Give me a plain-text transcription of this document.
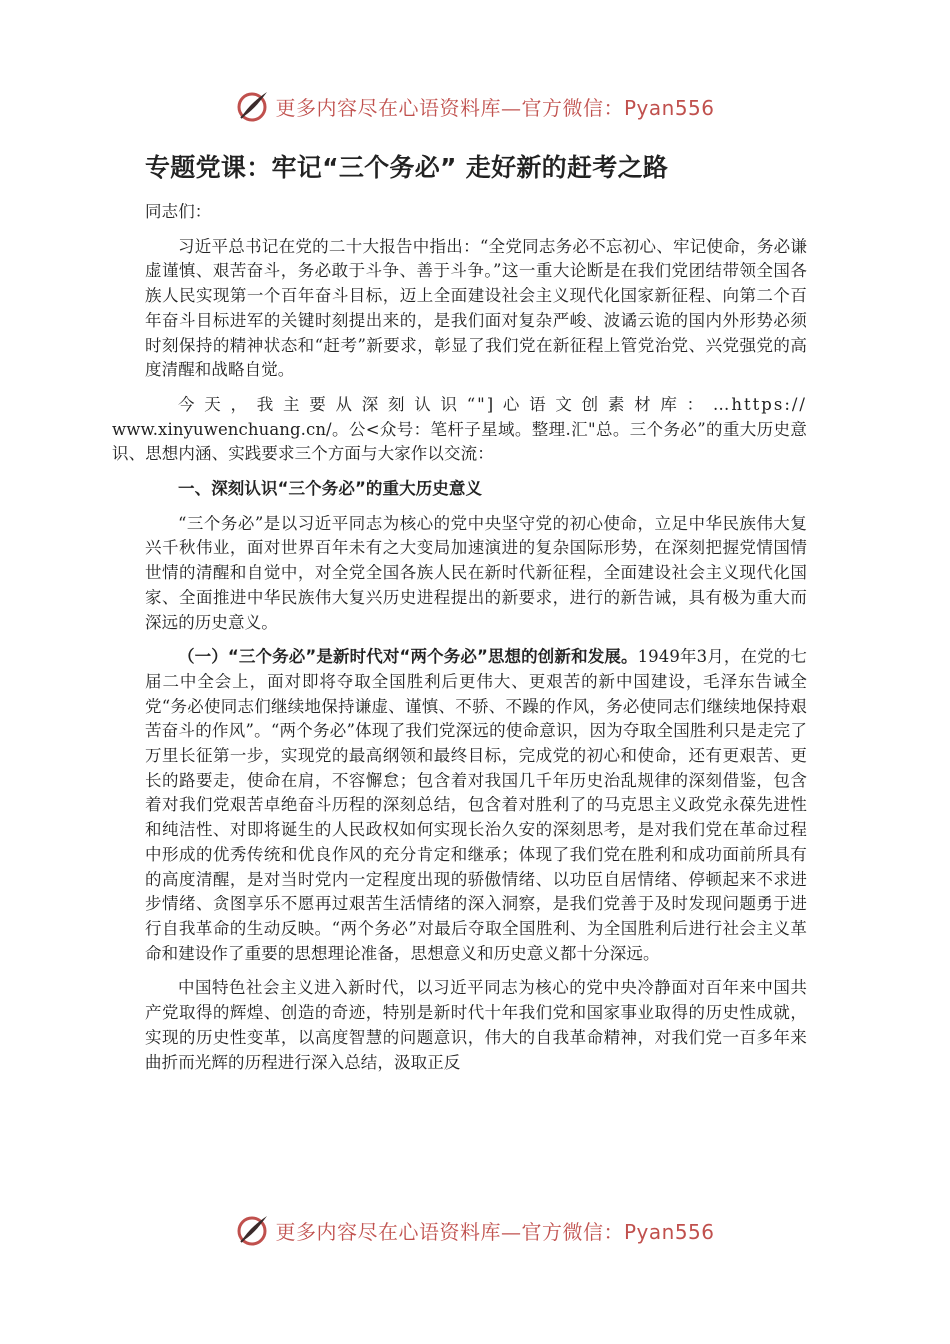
更多内容尽在心语资料库—官方微信：Pyan556
专题党课：牢记“三个务必” 走好新的赶考之路

同志们：

习近平总书记在党的二十大报告中指出：“全党同志务必不忘初心、牢记使命，务必谦虚谨慎、艰苦奋斗，务必敢于斗争、善于斗争。”这一重大论断是在我们党团结带领全国各族人民实现第一个百年奋斗目标，迈上全面建设社会主义现代化国家新征程、向第二个百年奋斗目标进军的关键时刻提出来的，是我们面对复杂严峻、波谲云诡的国内外形势必须时刻保持的精神状态和“赶考”新要求，彰显了我们党在新征程上管党治党、兴党强党的高度清醒和战略自觉。

今天，我主要从深刻认识“"]心语文创素材库：…https://
www.xinyuwenchuang.cn/。公<众号：笔杆子星域。整理.汇"总。三个务必”的重大历史意识、思想内涵、实践要求三个方面与大家作以交流：

一、深刻认识“三个务必”的重大历史意义

“三个务必”是以习近平同志为核心的党中央坚守党的初心使命，立足中华民族伟大复兴千秋伟业，面对世界百年未有之大变局加速演进的复杂国际形势，在深刻把握党情国情世情的清醒和自觉中，对全党全国各族人民在新时代新征程，全面建设社会主义现代化国家、全面推进中华民族伟大复兴历史进程提出的新要求，进行的新告诫，具有极为重大而深远的历史意义。

（一）“三个务必”是新时代对“两个务必”思想的创新和发展。1949年3月，在党的七届二中全会上，面对即将夺取全国胜利后更伟大、更艰苦的新中国建设，毛泽东告诫全党“务必使同志们继续地保持谦虚、谨慎、不骄、不躁的作风，务必使同志们继续地保持艰苦奋斗的作风”。“两个务必”体现了我们党深远的使命意识，因为夺取全国胜利只是走完了万里长征第一步，实现党的最高纲领和最终目标，完成党的初心和使命，还有更艰苦、更长的路要走，使命在肩，不容懈怠；包含着对我国几千年历史治乱规律的深刻借鉴，包含着对我们党艰苦卓绝奋斗历程的深刻总结，包含着对胜利了的马克思主义政党永葆先进性和纯洁性、对即将诞生的人民政权如何实现长治久安的深刻思考，是对我们党在革命过程中形成的优秀传统和优良作风的充分肯定和继承；体现了我们党在胜利和成功面前所具有的高度清醒，是对当时党内一定程度出现的骄傲情绪、以功臣自居情绪、停顿起来不求进步情绪、贪图享乐不愿再过艰苦生活情绪的深入洞察，是我们党善于及时发现问题勇于进行自我革命的生动反映。“两个务必”对最后夺取全国胜利、为全国胜利后进行社会主义革命和建设作了重要的思想理论准备，思想意义和历史意义都十分深远。

中国特色社会主义进入新时代，以习近平同志为核心的党中央冷静面对百年来中国共产党取得的辉煌、创造的奇迹，特别是新时代十年我们党和国家事业取得的历史性成就，实现的历史性变革，以高度智慧的问题意识，伟大的自我革命精神，对我们党一百多年来曲折而光辉的历程进行深入总结，汲取正反

更多内容尽在心语资料库—官方微信：Pyan556
